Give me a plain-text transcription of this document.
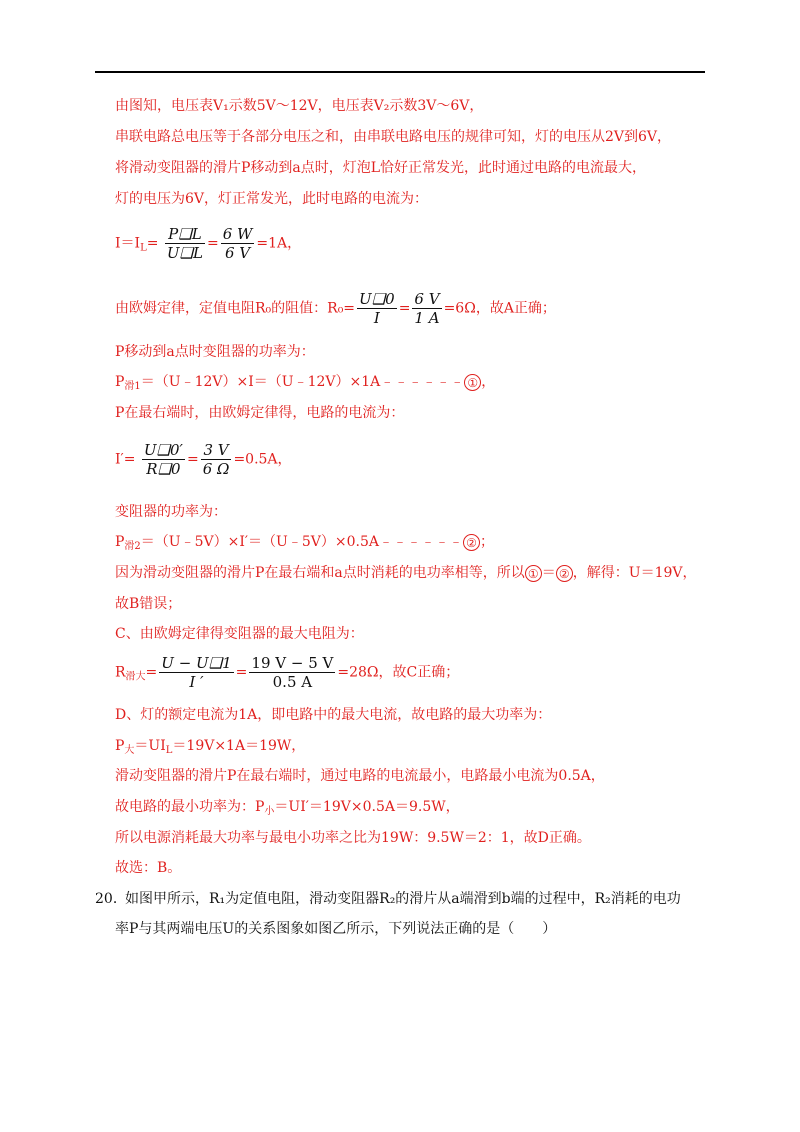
由图知，电压表V₁示数5V～12V，电压表V₂示数3V～6V，
串联电路总电压等于各部分电压之和，由串联电路电压的规律可知，灯的电压从2V到6V，
将滑动变阻器的滑片P移动到a点时，灯泡L恰好正常发光，此时通过电路的电流最大，
灯的电压为6V，灯正常发光，此时电路的电流为：
$I=I_L= \frac{P❑L}{U❑L} = \frac{6 W}{6 V} =1A$，
由欧姆定律，定值电阻R₀的阻值：$R_0= \frac{U❑0}{I} = \frac{6 V}{1 A} =6\Omega$，故A正确；
P移动到a点时变阻器的功率为：
$P_{滑1}=(U﹣12V)\times I=(U﹣12V)\times 1A﹣﹣﹣﹣﹣﹣$ ① ，
P在最右端时，由欧姆定律得，电路的电流为：
$I'= \frac{U❑0'}{R❑0} = \frac{3 V}{6 \Omega} =0.5A$，
变阻器的功率为：
$P_{滑2}=(U﹣5V)\times I'=(U﹣5V)\times 0.5A﹣﹣﹣﹣﹣﹣$ ② ；
因为滑动变阻器的滑片P在最右端和a点时消耗的电功率相等，所以 ① ＝ ② ，解得：U＝19V，
故B错误；
C、由欧姆定律得变阻器的最大电阻为：
$R_{滑大}= \frac{U - U❑1}{I '} = \frac{19 V - 5 V}{0.5 A} =28\Omega$，故C正确；
D、灯的额定电流为1A，即电路中的最大电流，故电路的最大功率为：
$P_大=UI_L=19V\times 1A=19W$，
滑动变阻器的滑片P在最右端时，通过电路的电流最小，电路最小电流为0.5A，
故电路的最小功率为：$P_小=UI'=19V\times 0.5A=9.5W$，
所以电源消耗最大功率与最电小功率之比为19W：9.5W＝2：1，故D正确。
故选：B。
20．
如图甲所示，R₁为定值电阻，滑动变阻器R₂的滑片从a端滑到b端的过程中，R₂消耗的电功
率P与其两端电压U的关系图象如图乙所示，下列说法正确的是（　　）
